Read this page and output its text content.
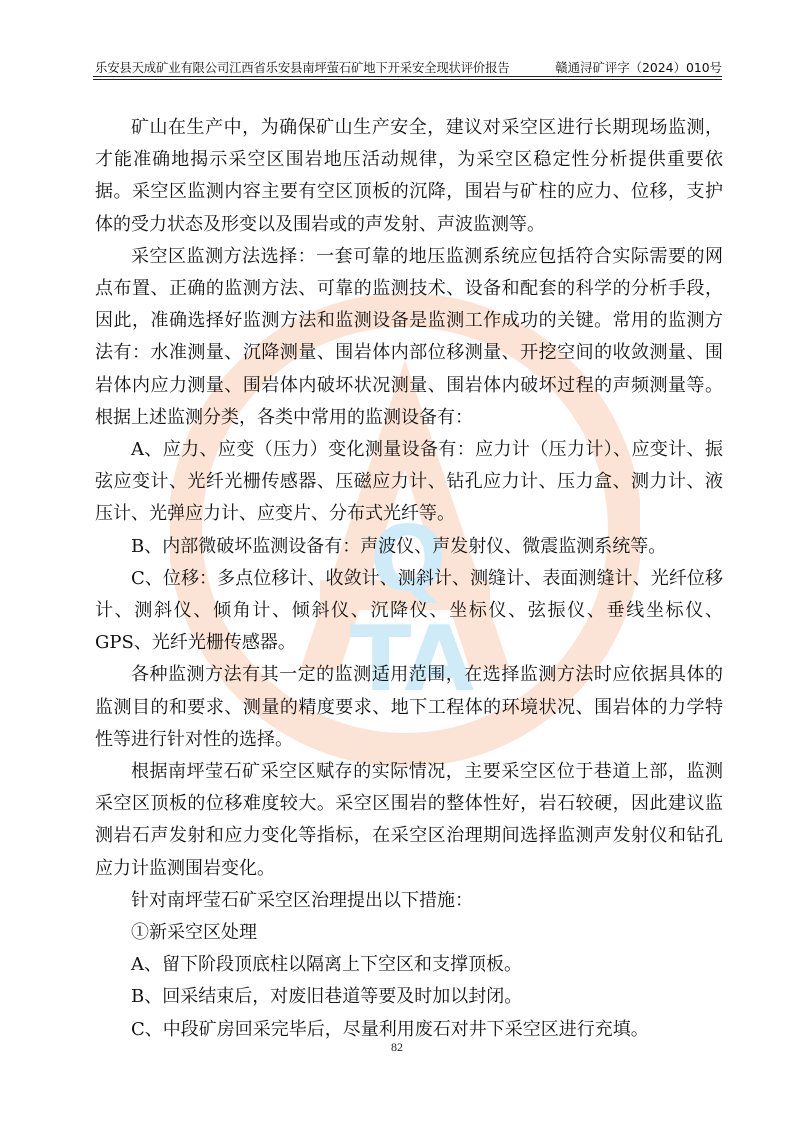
Q
TA
乐安县天成矿业有限公司江西省乐安县南坪萤石矿地下开采安全现状评价报告	赣通浔矿评字（2024）010号

矿山在生产中，为确保矿山生产安全，建议对采空区进行长期现场监测，才能准确地揭示采空区围岩地压活动规律，为采空区稳定性分析提供重要依据。采空区监测内容主要有空区顶板的沉降，围岩与矿柱的应力、位移，支护体的受力状态及形变以及围岩或的声发射、声波监测等。

采空区监测方法选择：一套可靠的地压监测系统应包括符合实际需要的网点布置、正确的监测方法、可靠的监测技术、设备和配套的科学的分析手段，因此，准确选择好监测方法和监测设备是监测工作成功的关键。常用的监测方法有：水准测量、沉降测量、围岩体内部位移测量、开挖空间的收敛测量、围岩体内应力测量、围岩体内破坏状况测量、围岩体内破坏过程的声频测量等。根据上述监测分类，各类中常用的监测设备有：

A、应力、应变（压力）变化测量设备有：应力计（压力计）、应变计、振弦应变计、光纤光栅传感器、压磁应力计、钻孔应力计、压力盒、测力计、液压计、光弹应力计、应变片、分布式光纤等。

B、内部微破坏监测设备有：声波仪、声发射仪、微震监测系统等。

C、位移：多点位移计、收敛计、测斜计、测缝计、表面测缝计、光纤位移计、测斜仪、倾角计、倾斜仪、沉降仪、坐标仪、弦振仪、垂线坐标仪、GPS、光纤光栅传感器。

各种监测方法有其一定的监测适用范围，在选择监测方法时应依据具体的监测目的和要求、测量的精度要求、地下工程体的环境状况、围岩体的力学特性等进行针对性的选择。

根据南坪莹石矿采空区赋存的实际情况，主要采空区位于巷道上部，监测采空区顶板的位移难度较大。采空区围岩的整体性好，岩石较硬，因此建议监测岩石声发射和应力变化等指标，在采空区治理期间选择监测声发射仪和钻孔应力计监测围岩变化。

针对南坪莹石矿采空区治理提出以下措施：

①新采空区处理

A、留下阶段顶底柱以隔离上下空区和支撑顶板。

B、回采结束后，对废旧巷道等要及时加以封闭。

C、中段矿房回采完毕后，尽量利用废石对井下采空区进行充填。

82
